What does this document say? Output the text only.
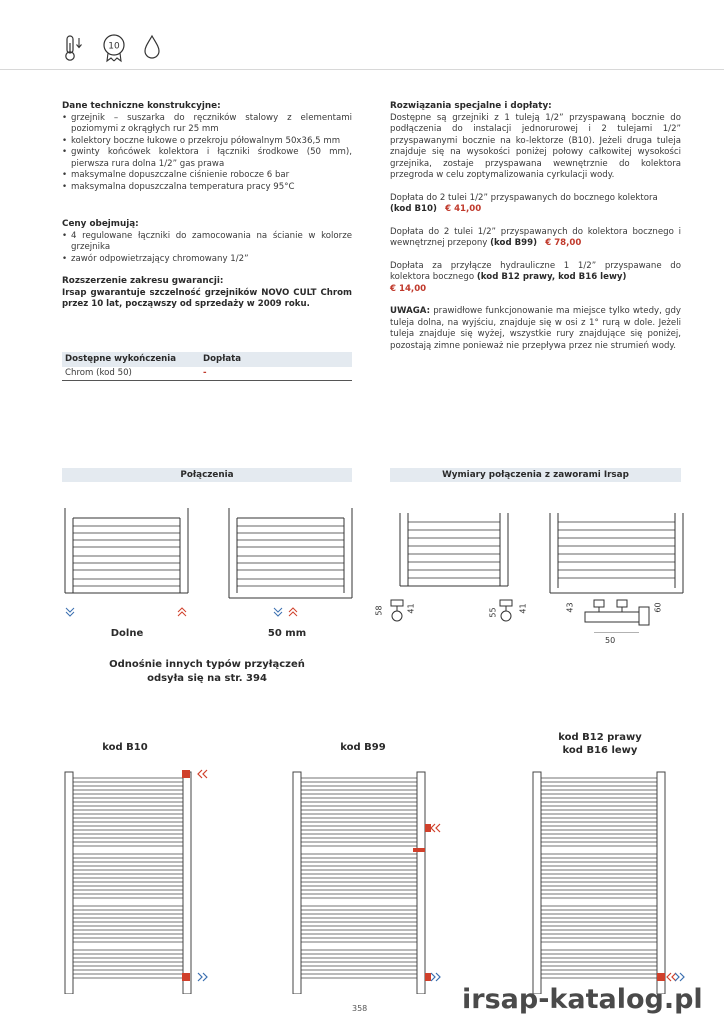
10
Dane techniczne konstrukcyjne:
• grzejnik – suszarka do ręczników stalowy z elementami poziomymi z okrągłych rur 25 mm
• kolektory boczne łukowe o przekroju półowalnym 50x36,5 mm
• gwinty końcówek kolektora i łączniki środkowe (50 mm), pierwsza rura dolna 1/2” gas prawa
• maksymalne dopuszczalne ciśnienie robocze 6 bar
• maksymalna dopuszczalna temperatura pracy 95°C
Ceny obejmują:
• 4 regulowane łączniki do zamocowania na ścianie w kolorze grzejnika
• zawór odpowietrzający chromowany 1/2”
Rozszerzenie zakresu gwarancji:
Irsap gwarantuje szczelność grzejników NOVO CULT Chrom przez 10 lat, począwszy od sprzedaży w 2009 roku.
Dostępne wykończenia	Dopłata
Chrom (kod 50)	-
Rozwiązania specjalne i dopłaty:
Dostępne są grzejniki z 1 tuleją 1/2” przyspawaną bocznie do podłączenia do instalacji jednorurowej i 2 tulejami 1/2” przyspawanymi bocznie na ko-lektorze (B10). Jeżeli druga tuleja znajduje się na wysokości poniżej połowy całkowitej wysokości grzejnika, zostaje przyspawana wewnętrznie do kolektora przegroda w celu zoptymalizowania cyrkulacji wody.
Dopłata do 2 tulei 1/2” przyspawanych do bocznego kolektora
(kod B10) € 41,00
Dopłata do 2 tulei 1/2” przyspawanych do kolektora bocznego i wewnętrznej przepony (kod B99) € 78,00
Dopłata za przyłącze hydrauliczne 1 1/2” przyspawane do kolektora bocznego (kod B12 prawy, kod B16 lewy)
€ 14,00
UWAGA: prawidłowe funkcjonowanie ma miejsce tylko wtedy, gdy tuleja dolna, na wyjściu, znajduje się w osi z 1° rurą w dole. Jeżeli tuleja znajduje się wyżej, wszystkie rury znajdujące się poniżej, pozostają zimne ponieważ nie przepływa przez nie strumień wody.
Połączenia	Wymiary połączenia z zaworami Irsap
58	41	55	41	43	60
50
Dolne	50 mm
Odnośnie innych typów przyłączeń
odsyła się na str. 394
kod B10	kod B99
kod B12 prawy
kod B16 lewy
358	irsap-katalog.pl
